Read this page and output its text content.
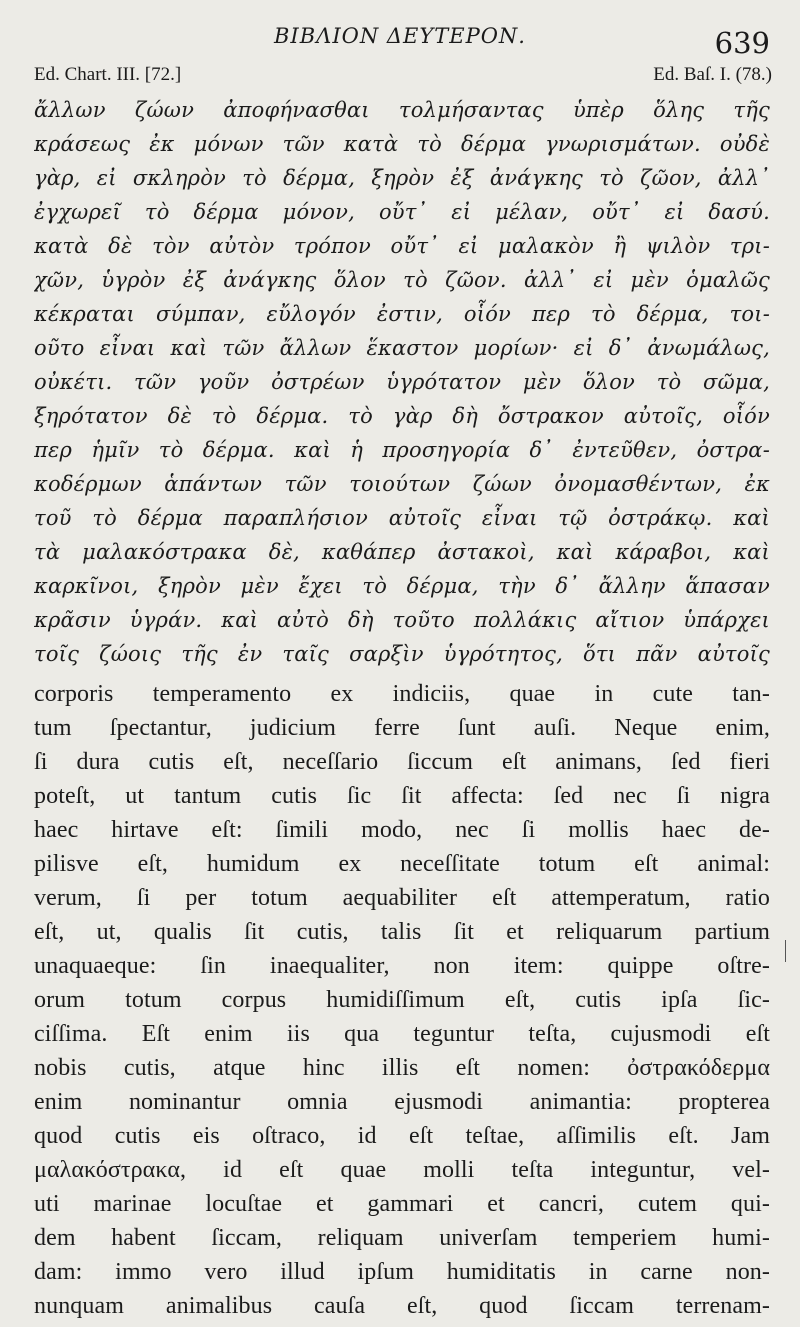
ΒΙΒΛΙΟΝ ΔΕΥΤΕΡΟΝ.	639
Ed. Chart. III. [72.]	Ed. Baſ. I. (78.)
ἄλλων ζώων ἀποφήνασθαι τολμήσαντας ὑπὲρ ὅλης τῆς
κράσεως ἐκ μόνων τῶν κατὰ τὸ δέρμα γνωρισμάτων. οὐδὲ
γὰρ, εἰ σκληρὸν τὸ δέρμα, ξηρὸν ἐξ ἀνάγκης τὸ ζῶον, ἀλλ᾽
ἐγχωρεῖ τὸ δέρμα μόνον, οὔτ᾽ εἰ μέλαν, οὔτ᾽ εἰ δασύ.
κατὰ δὲ τὸν αὐτὸν τρόπον οὔτ᾽ εἰ μαλακὸν ἢ ψιλὸν τρι-
χῶν, ὑγρὸν ἐξ ἀνάγκης ὅλον τὸ ζῶον. ἀλλ᾽ εἰ μὲν ὁμαλῶς
κέκραται σύμπαν, εὔλογόν ἐστιν, οἷόν περ τὸ δέρμα, τοι-
οῦτο εἶναι καὶ τῶν ἄλλων ἕκαστον μορίων· εἰ δ᾽ ἀνωμάλως,
οὐκέτι. τῶν γοῦν ὀστρέων ὑγρότατον μὲν ὅλον τὸ σῶμα,
ξηρότατον δὲ τὸ δέρμα. τὸ γὰρ δὴ ὄστρακον αὐτοῖς, οἷόν
περ ἡμῖν τὸ δέρμα. καὶ ἡ προσηγορία δ᾽ ἐντεῦθεν, ὀστρα-
κοδέρμων ἁπάντων τῶν τοιούτων ζώων ὀνομασθέντων, ἐκ
τοῦ τὸ δέρμα παραπλήσιον αὐτοῖς εἶναι τῷ ὀστράκῳ. καὶ
τὰ μαλακόστρακα δὲ, καθάπερ ἀστακοὶ, καὶ κάραβοι, καὶ
καρκῖνοι, ξηρὸν μὲν ἔχει τὸ δέρμα, τὴν δ᾽ ἄλλην ἅπασαν
κρᾶσιν ὑγράν. καὶ αὐτὸ δὴ τοῦτο πολλάκις αἴτιον ὑπάρχει
τοῖς ζώοις τῆς ἐν ταῖς σαρξὶν ὑγρότητος, ὅτι πᾶν αὐτοῖς
corporis temperamento ex indiciis, quae in cute tan-
tum ſpectantur, judicium ferre ſunt auſi. Neque enim,
ſi dura cutis eſt, neceſſario ſiccum eſt animans, ſed fieri
poteſt, ut tantum cutis ſic ſit affecta: ſed nec ſi nigra
haec hirtave eſt: ſimili modo, nec ſi mollis haec de-
pilisve eſt, humidum ex neceſſitate totum eſt animal:
verum, ſi per totum aequabiliter eſt attemperatum, ratio
eſt, ut, qualis ſit cutis, talis ſit et reliquarum partium
unaquaeque: ſin inaequaliter, non item: quippe oſtre-
orum totum corpus humidiſſimum eſt, cutis ipſa ſic-
ciſſima. Eſt enim iis qua teguntur teſta, cujusmodi eſt
nobis cutis, atque hinc illis eſt nomen: ὀστρακόδερμα
enim nominantur omnia ejusmodi animantia: propterea
quod cutis eis oſtraco, id eſt teſtae, aſſimilis eſt. Jam
μαλακόστρακα, id eſt quae molli teſta integuntur, vel-
uti marinae locuſtae et gammari et cancri, cutem qui-
dem habent ſiccam, reliquam univerſam temperiem humi-
dam: immo vero illud ipſum humiditatis in carne non-
nunquam animalibus cauſa eſt, quod ſiccam terrenam-
